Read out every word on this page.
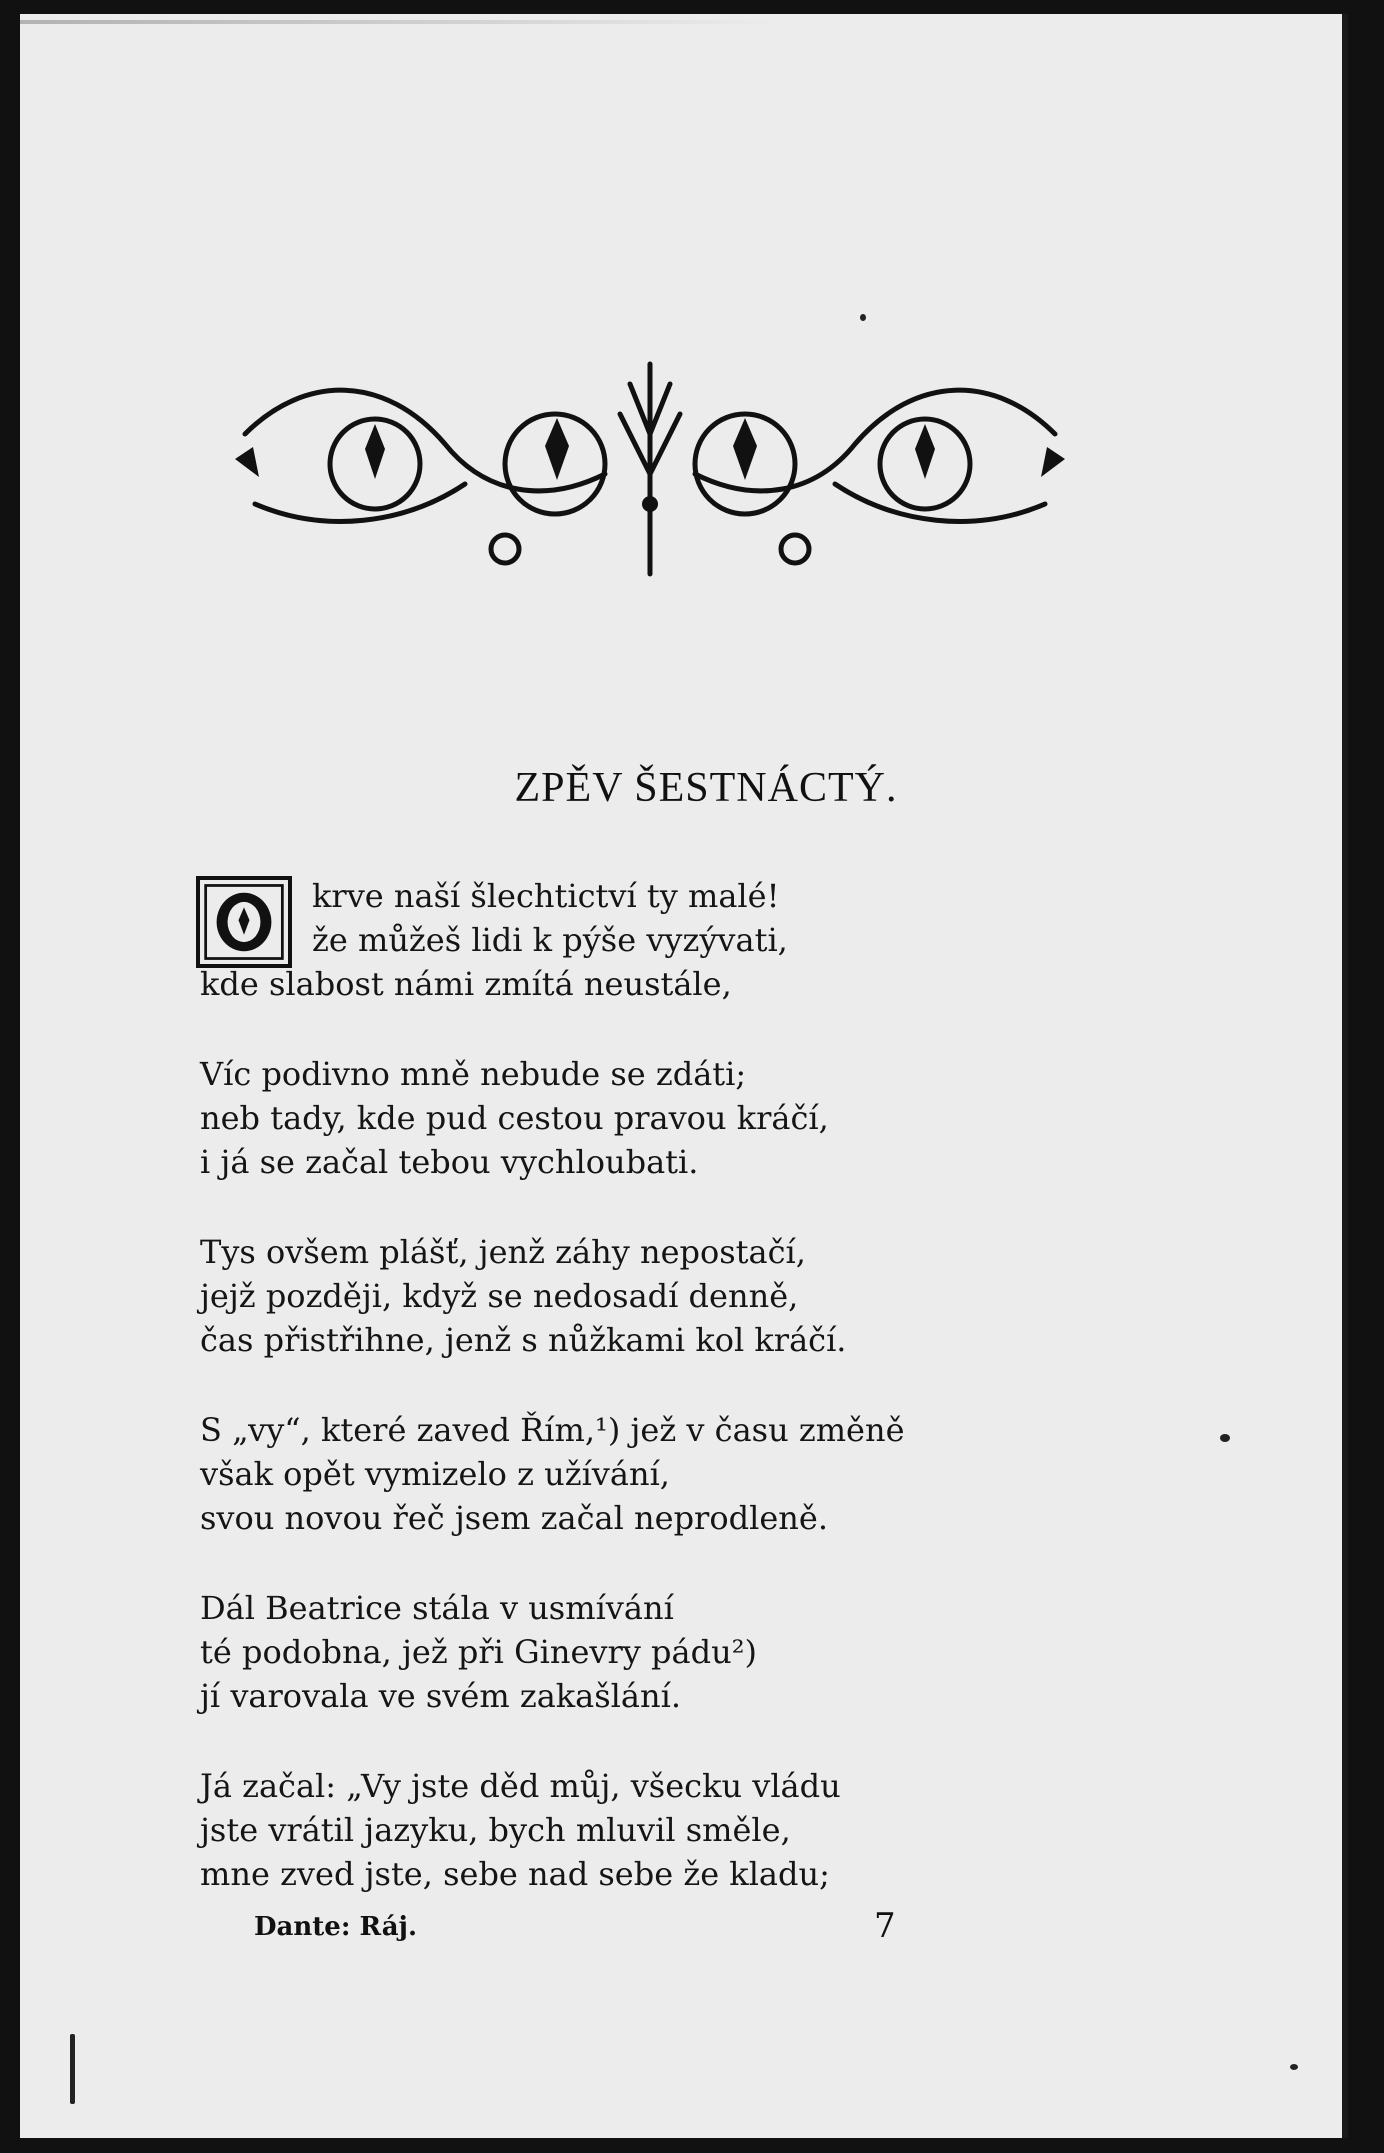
ZPĚV ŠESTNÁCTÝ.
krve naší šlechtictví ty malé!
že můžeš lidi k pýše vyzývati,
kde slabost námi zmítá neustále,
Víc podivno mně nebude se zdáti;
neb tady, kde pud cestou pravou kráčí,
i já se začal tebou vychloubati.
Tys ovšem plášť, jenž záhy nepostačí,
jejž později, když se nedosadí denně,
čas přistřihne, jenž s nůžkami kol kráčí.
S „vy“, které zaved Řím,¹) jež v času změně
však opět vymizelo z užívání,
svou novou řeč jsem začal neprodleně.
Dál Beatrice stála v usmívání
té podobna, jež při Ginevry pádu²)
jí varovala ve svém zakašlání.
Já začal: „Vy jste děd můj, všecku vládu
jste vrátil jazyku, bych mluvil směle,
mne zved jste, sebe nad sebe že kladu;
Dante: Ráj.	7
